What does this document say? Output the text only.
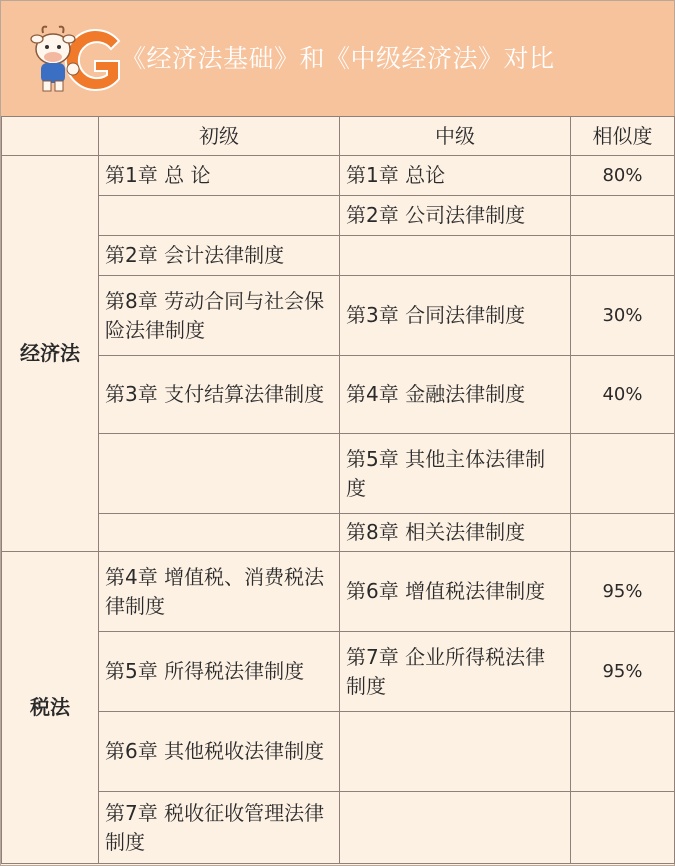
《经济法基础》和《中级经济法》对比
	初级	中级	相似度
经济法	第1章 总 论	第1章 总论	80%
		第2章 公司法律制度	
	第2章 会计法律制度		
	第8章 劳动合同与社会保险法律制度	第3章 合同法律制度	30%
	第3章 支付结算法律制度	第4章 金融法律制度	40%
		第5章 其他主体法律制度	
		第8章 相关法律制度	
税法	第4章 增值税、消费税法律制度	第6章 增值税法律制度	95%
	第5章 所得税法律制度	第7章 企业所得税法律制度	95%
	第6章 其他税收法律制度		
	第7章 税收征收管理法律制度		
